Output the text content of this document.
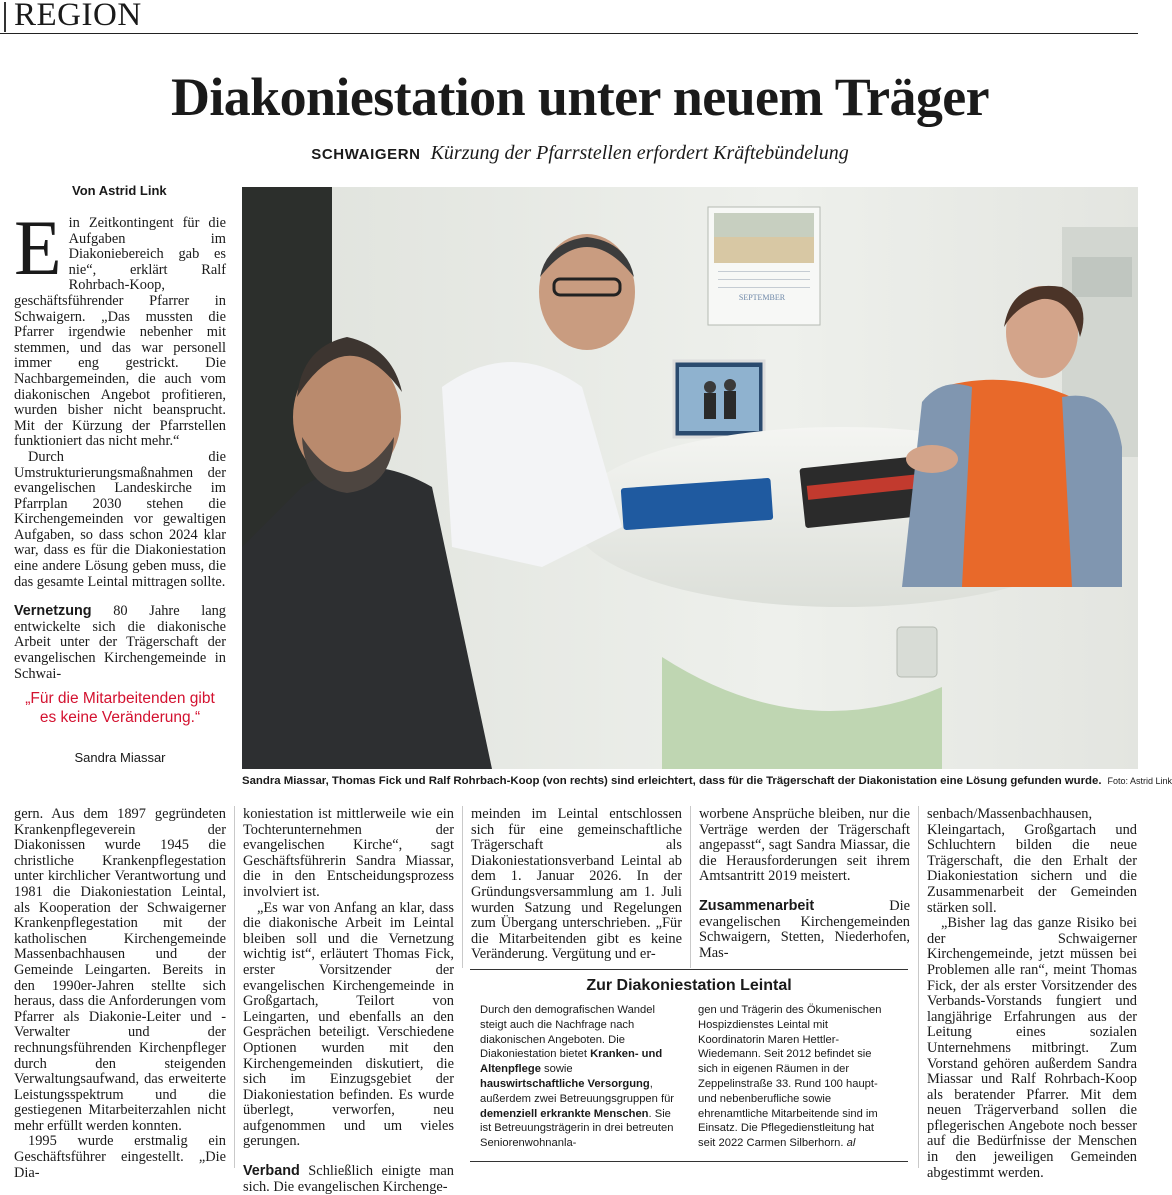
REGION
Diakoniestation unter neuem Träger
SCHWAIGERN Kürzung der Pfarrstellen erfordert Kräftebündelung
Von Astrid Link

Ein Zeitkontingent für die Aufgaben im Diakoniebereich gab es nie“, erklärt Ralf Rohrbach-Koop, geschäftsführender Pfarrer in Schwaigern. „Das mussten die Pfarrer irgendwie nebenher mit stemmen, und das war personell immer eng gestrickt. Die Nachbargemeinden, die auch vom diakonischen Angebot profitieren, wurden bisher nicht beansprucht. Mit der Kürzung der Pfarrstellen funktioniert das nicht mehr.“

Durch die Umstrukturierungsmaßnahmen der evangelischen Landeskirche im Pfarrplan 2030 stehen die Kirchengemeinden vor gewaltigen Aufgaben, so dass schon 2024 klar war, dass es für die Diakoniestation eine andere Lösung geben muss, die das gesamte Leintal mittragen sollte.

Vernetzung 80 Jahre lang entwickelte sich die diakonische Arbeit unter der Trägerschaft der evangelischen Kirchengemeinde in Schwai-

„Für die Mitarbeitenden gibt es keine Veränderung.“
Sandra Miassar
SEPTEMBER
Sandra Miassar, Thomas Fick und Ralf Rohrbach-Koop (von rechts) sind erleichtert, dass für die Trägerschaft der Diakonistation eine Lösung gefunden wurde. Foto: Astrid Link

gern. Aus dem 1897 gegründeten Krankenpflegeverein der Diakonissen wurde 1945 die christliche Krankenpflegestation unter kirchlicher Verantwortung und 1981 die Diakoniestation Leintal, als Kooperation der Schwaigerner Krankenpflegestation mit der katholischen Kirchengemeinde Massenbachhausen und der Gemeinde Leingarten. Bereits in den 1990er-Jahren stellte sich heraus, dass die Anforderungen vom Pfarrer als Diakonie-Leiter und -Verwalter und der rechnungsführenden Kirchenpfleger durch den steigenden Verwaltungsaufwand, das erweiterte Leistungsspektrum und die gestiegenen Mitarbeiterzahlen nicht mehr erfüllt werden konnten.

1995 wurde erstmalig ein Geschäftsführer eingestellt. „Die Dia-

koniestation ist mittlerweile wie ein Tochterunternehmen der evangelischen Kirche“, sagt Geschäftsführerin Sandra Miassar, die in den Entscheidungsprozess involviert ist.

„Es war von Anfang an klar, dass die diakonische Arbeit im Leintal bleiben soll und die Vernetzung wichtig ist“, erläutert Thomas Fick, erster Vorsitzender der evangelischen Kirchengemeinde in Großgartach, Teilort von Leingarten, und ebenfalls an den Gesprächen beteiligt. Verschiedene Optionen wurden mit den Kirchengemeinden diskutiert, die sich im Einzugsgebiet der Diakoniestation befinden. Es wurde überlegt, verworfen, neu aufgenommen und um vieles gerungen.

Verband Schließlich einigte man sich. Die evangelischen Kirchenge-

meinden im Leintal entschlossen sich für eine gemeinschaftliche Trägerschaft als Diakoniestationsverband Leintal ab dem 1. Januar 2026. In der Gründungsversammlung am 1. Juli wurden Satzung und Regelungen zum Übergang unterschrieben. „Für die Mitarbeitenden gibt es keine Veränderung. Vergütung und er-

worbene Ansprüche bleiben, nur die Verträge werden der Trägerschaft angepasst“, sagt Sandra Miassar, die die Herausforderungen seit ihrem Amtsantritt 2019 meistert.

Zusammenarbeit Die evangelischen Kirchengemeinden Schwaigern, Stetten, Niederhofen, Mas-

senbach/Massenbachhausen, Kleingartach, Großgartach und Schluchtern bilden die neue Trägerschaft, die den Erhalt der Diakoniestation sichern und die Zusammenarbeit der Gemeinden stärken soll.

„Bisher lag das ganze Risiko bei der Schwaigerner Kirchengemeinde, jetzt müssen bei Problemen alle ran“, meint Thomas Fick, der als erster Vorsitzender des Verbands-Vorstands fungiert und langjährige Erfahrungen aus der Leitung eines sozialen Unternehmens mitbringt. Zum Vorstand gehören außerdem Sandra Miassar und Ralf Rohrbach-Koop als beratender Pfarrer. Mit dem neuen Trägerverband sollen die pflegerischen Angebote noch besser auf die Bedürfnisse der Menschen in den jeweiligen Gemeinden abgestimmt werden.

Zur Diakoniestation Leintal
Durch den demografischen Wandel steigt auch die Nachfrage nach diakonischen Angeboten. Die Diakoniestation bietet Kranken- und Altenpflege sowie hauswirtschaftliche Versorgung, außerdem zwei Betreuungsgruppen für demenziell erkrankte Menschen. Sie ist Betreuungsträgerin in drei betreuten Seniorenwohnanla-
gen und Trägerin des Ökumenischen Hospizdienstes Leintal mit Koordinatorin Maren Hettler-Wiedemann. Seit 2012 befindet sie sich in eigenen Räumen in der Zeppelinstraße 33. Rund 100 haupt- und nebenberufliche sowie ehrenamtliche Mitarbeitende sind im Einsatz. Die Pflegedienstleitung hat seit 2022 Carmen Silberhorn. al
